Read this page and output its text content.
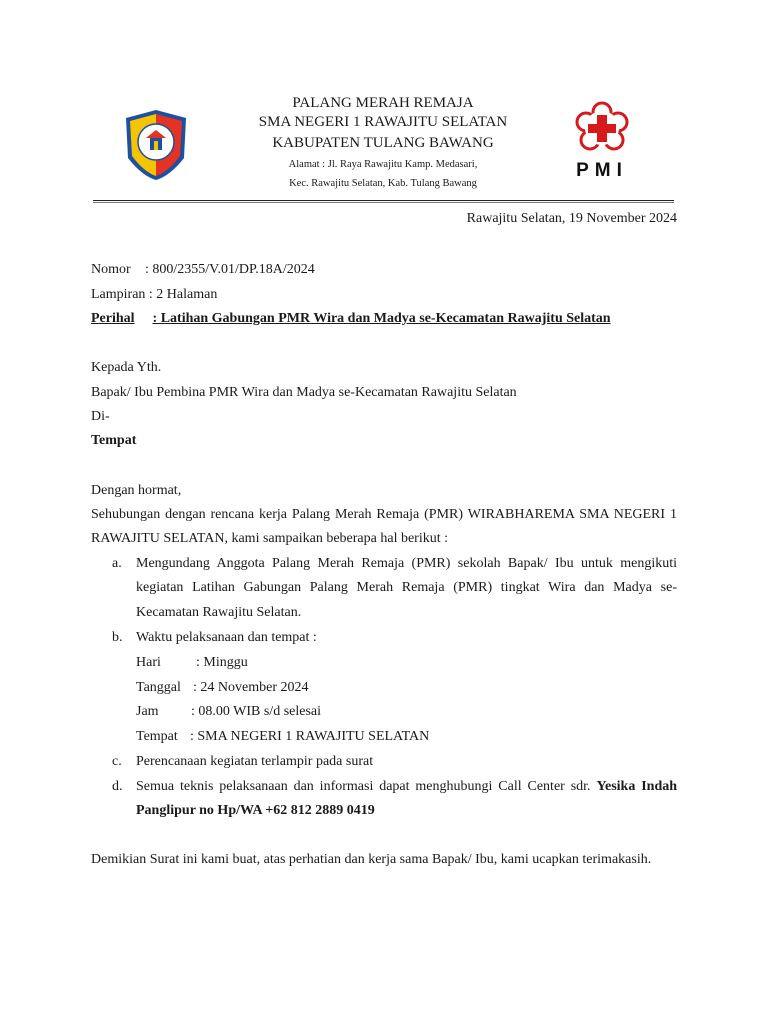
PALANG MERAH REMAJA
SMA NEGERI 1 RAWAJITU SELATAN
KABUPATEN TULANG BAWANG
Alamat : Jl. Raya Rawajitu Kamp. Medasari,
Kec. Rawajitu Selatan, Kab. Tulang Bawang
PMI
Rawajitu Selatan, 19 November 2024
Nomor : 800/2355/V.01/DP.18A/2024
Lampiran : 2 Halaman
Perihal : Latihan Gabungan PMR Wira dan Madya se-Kecamatan Rawajitu Selatan
Kepada Yth.
Bapak/ Ibu Pembina PMR Wira dan Madya se-Kecamatan Rawajitu Selatan
Di-
Tempat
Dengan hormat,
Sehubungan dengan rencana kerja Palang Merah Remaja (PMR) WIRABHAREMA SMA NEGERI 1
RAWAJITU SELATAN, kami sampaikan beberapa hal berikut :
a. Mengundang Anggota Palang Merah Remaja (PMR) sekolah Bapak/ Ibu untuk mengikuti
kegiatan Latihan Gabungan Palang Merah Remaja (PMR) tingkat Wira dan Madya se-
Kecamatan Rawajitu Selatan.
b. Waktu pelaksanaan dan tempat :
Hari	: Minggu
Tanggal : 24 November 2024
Jam : 08.00 WIB s/d selesai
Tempat : SMA NEGERI 1 RAWAJITU SELATAN
c. Perencanaan kegiatan terlampir pada surat
d. Semua teknis pelaksanaan dan informasi dapat menghubungi Call Center sdr. Yesika Indah
Panglipur no Hp/WA +62 812 2889 0419
Demikian Surat ini kami buat, atas perhatian dan kerja sama Bapak/ Ibu, kami ucapkan terimakasih.
